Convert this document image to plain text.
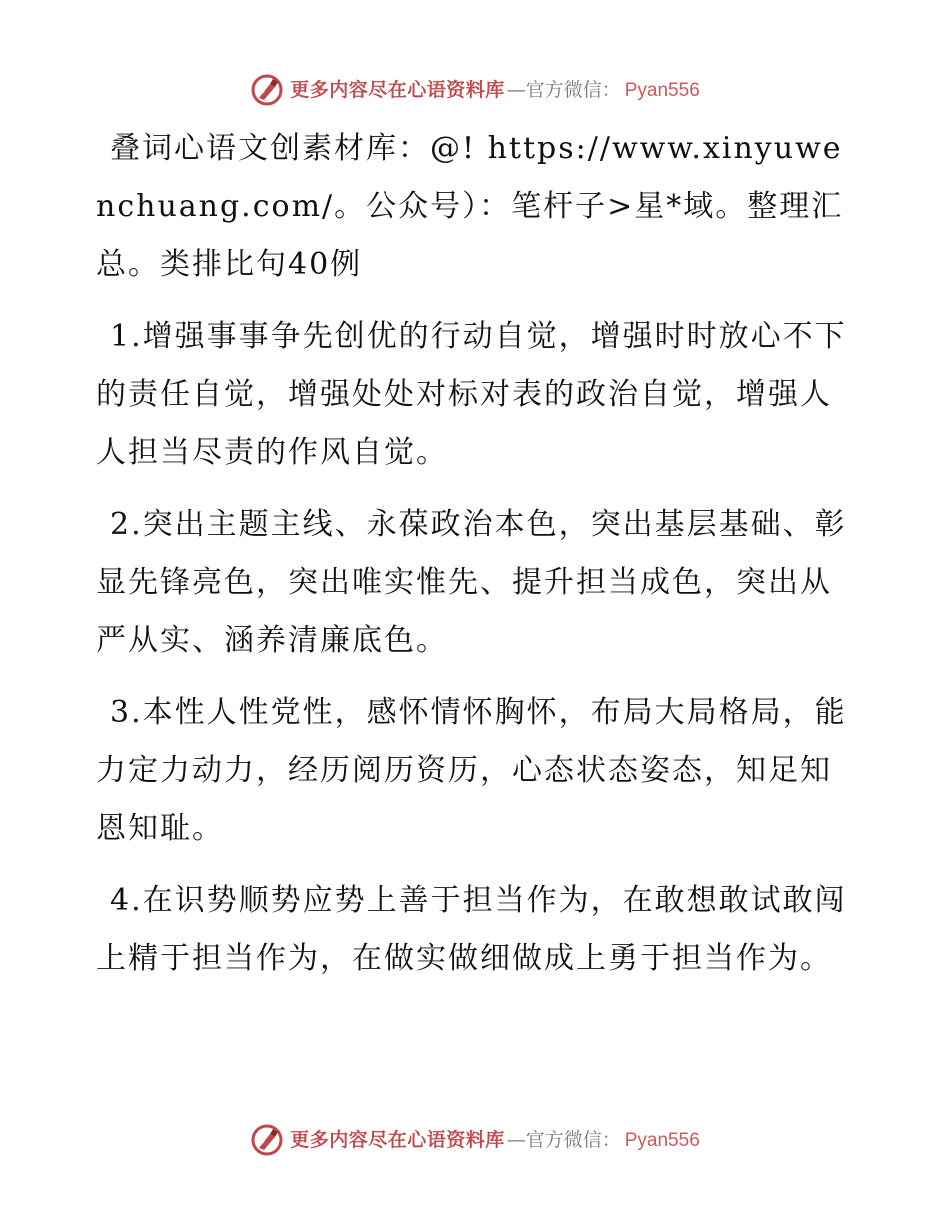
更多内容尽在心语资料库 —官方微信： Pyan556

叠词心语文创素材库：@! https://www.xinyuwenchuang.com/。公众号）：笔杆子>星*域。整理汇总。类排比句40例

1.增强事事争先创优的行动自觉，增强时时放心不下的责任自觉，增强处处对标对表的政治自觉，增强人人担当尽责的作风自觉。

2.突出主题主线、永葆政治本色，突出基层基础、彰显先锋亮色，突出唯实惟先、提升担当成色，突出从严从实、涵养清廉底色。

3.本性人性党性，感怀情怀胸怀，布局大局格局，能力定力动力，经历阅历资历，心态状态姿态，知足知恩知耻。

4.在识势顺势应势上善于担当作为，在敢想敢试敢闯上精于担当作为，在做实做细做成上勇于担当作为。

更多内容尽在心语资料库 —官方微信： Pyan556
